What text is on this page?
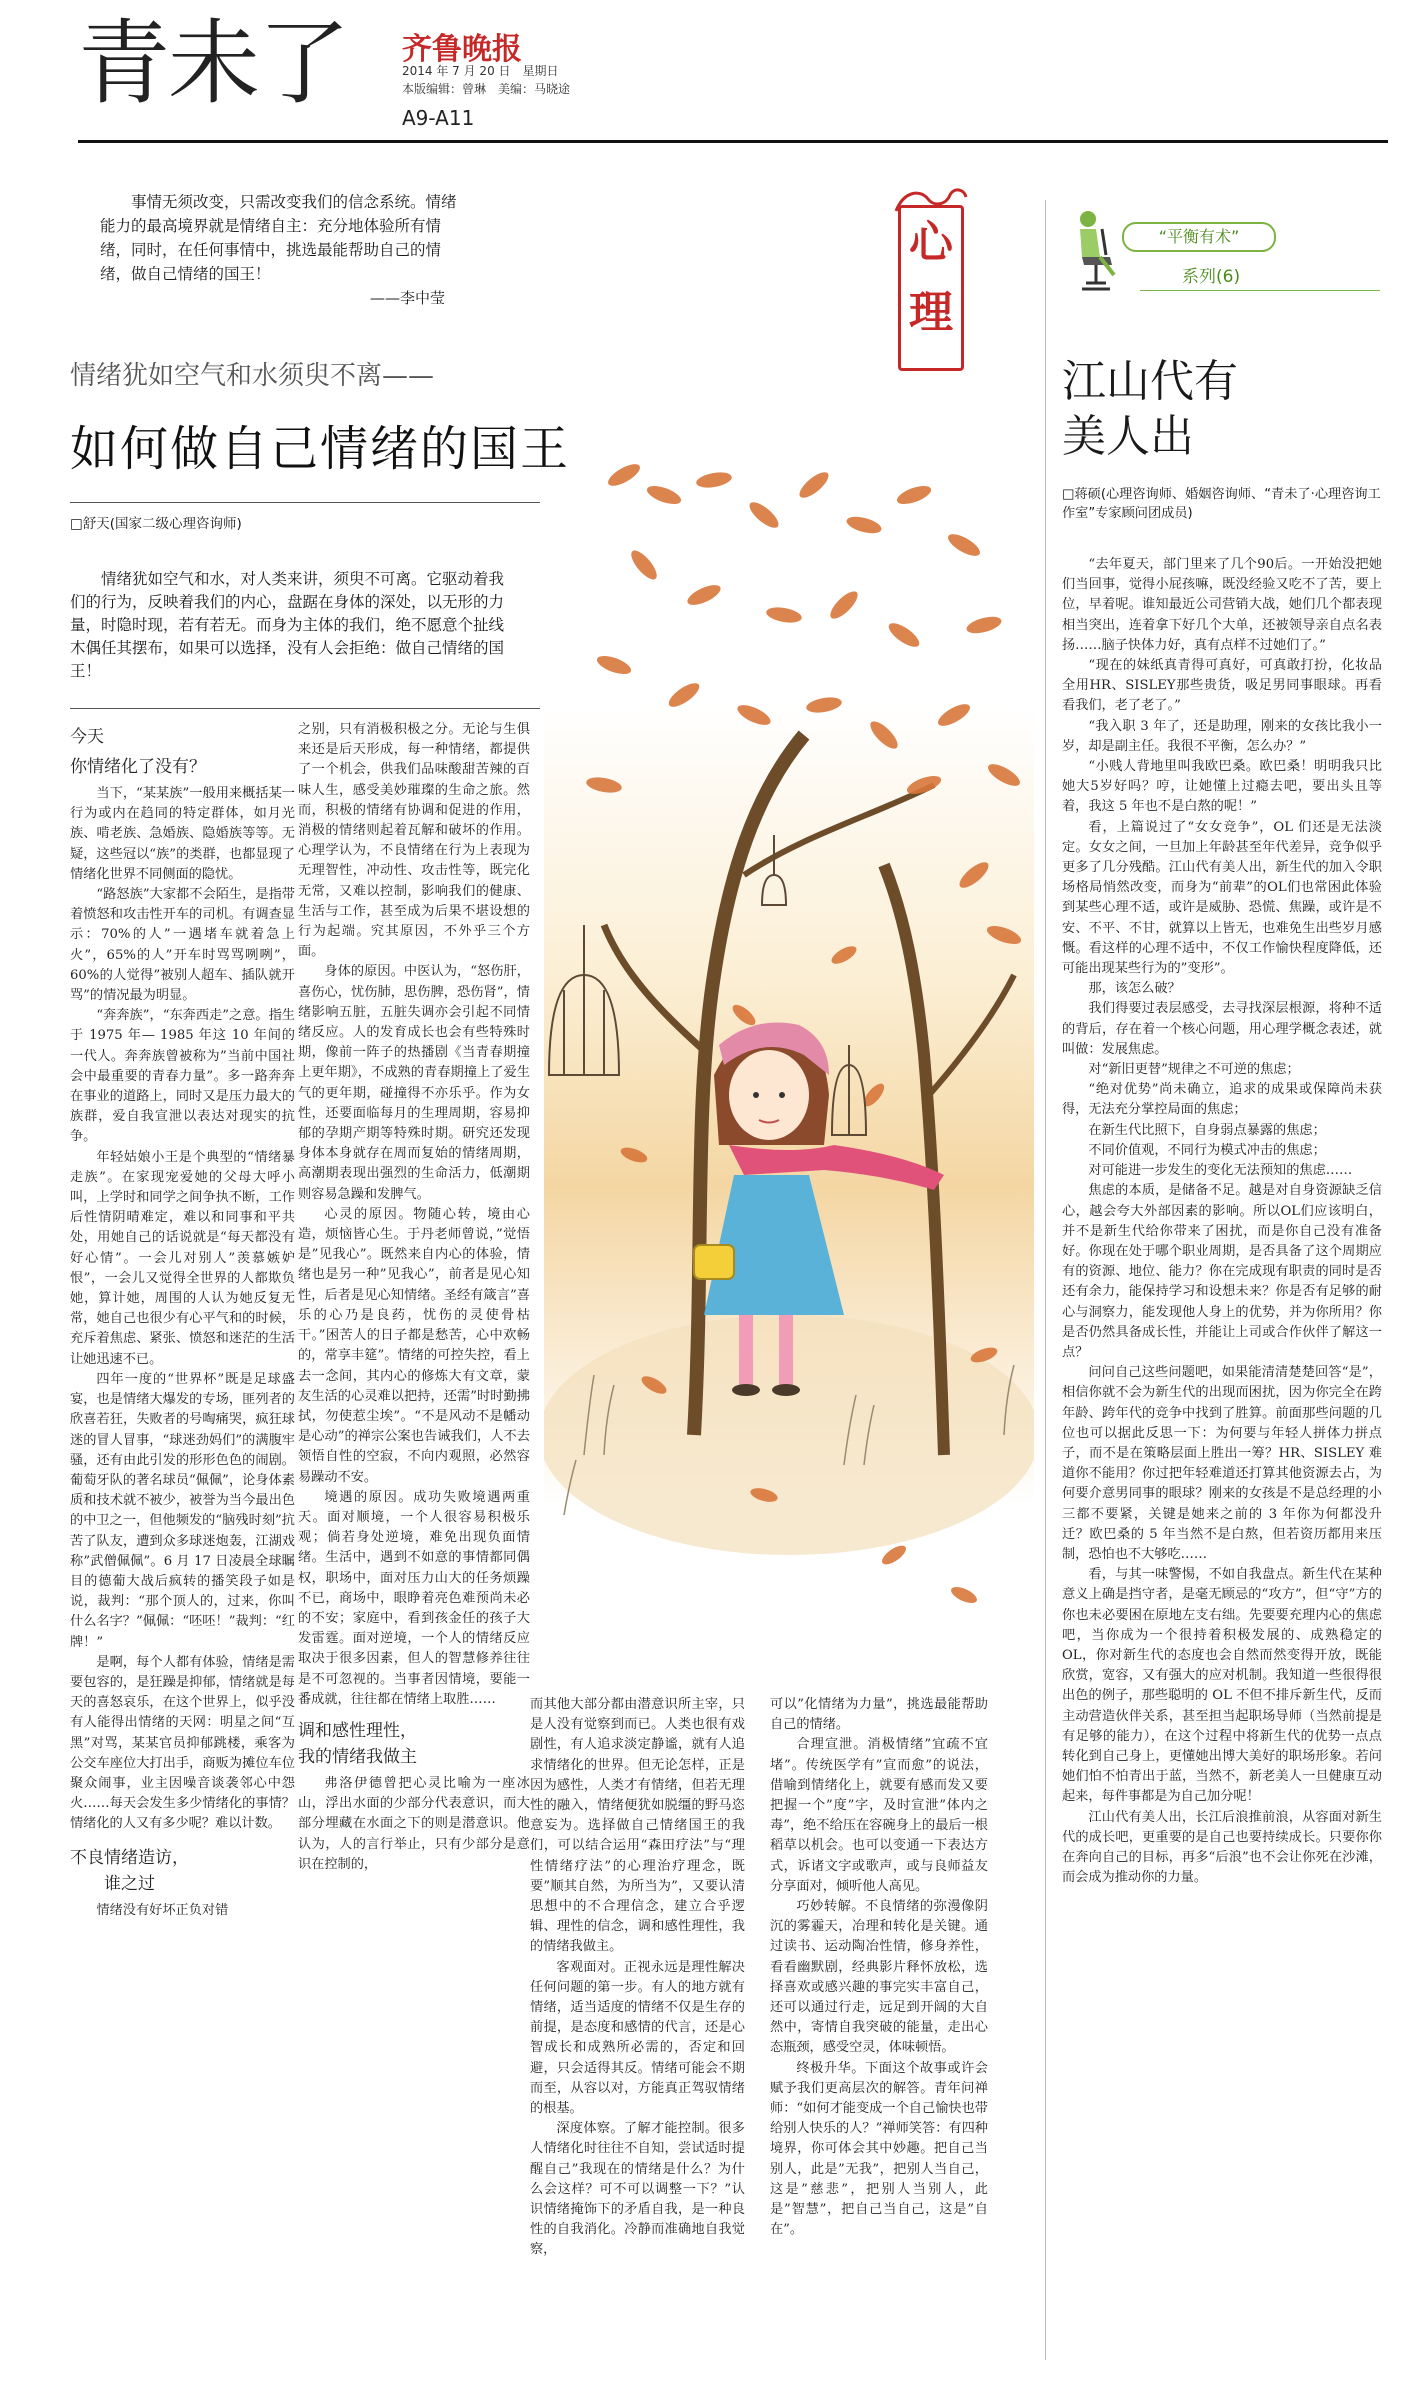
青未了 齐鲁晚报
2014 年 7 月 20 日　星期日
本版编辑：曾琳　美编：马晓途
A9-A11
事情无须改变，只需改变我们的信念系统。情绪能力的最高境界就是情绪自主：充分地体验所有情绪，同时，在任何事情中，挑选最能帮助自己的情绪，做自己情绪的国王！
——李中莹
心
理
情绪犹如空气和水须臾不离——
如何做自己情绪的国王
□舒天(国家二级心理咨询师)
情绪犹如空气和水，对人类来讲，须臾不可离。它驱动着我们的行为，反映着我们的内心，盘踞在身体的深处，以无形的力量，时隐时现，若有若无。而身为主体的我们，绝不愿意个扯线木偶任其摆布，如果可以选择，没有人会拒绝：做自己情绪的国王！
今天
你情绪化了没有？

当下，“某某族”一般用来概括某一行为或内在趋同的特定群体，如月光族、啃老族、急婚族、隐婚族等等。无疑，这些冠以“族”的类群，也都显现了情绪化世界不同侧面的隐忧。

“路怒族”大家都不会陌生，是指带着愤怒和攻击性开车的司机。有调查显示：70%的人”一遇堵车就着急上火”，65%的人”开车时骂骂咧咧”，60%的人觉得”被别人超车、插队就开骂”的情况最为明显。

“奔奔族”，“东奔西走”之意。指生于 1975 年— 1985 年这 10 年间的一代人。奔奔族曾被称为”当前中国社会中最重要的青春力量”。多一路奔奔在事业的道路上，同时又是压力最大的族群，爱自我宣泄以表达对现实的抗争。

年轻姑娘小王是个典型的“情绪暴走族”。在家现宠爱她的父母大呼小叫，上学时和同学之间争执不断，工作后性情阴晴难定，难以和同事和平共处，用她自己的话说就是“每天都没有好心情”。一会儿对别人”羡慕嫉妒恨”，一会儿又觉得全世界的人都欺负她，算计她，周围的人认为她反复无常，她自己也很少有心平气和的时候，充斥着焦虑、紧张、愤怒和迷茫的生活让她迅速不已。

四年一度的“世界杯”既是足球盛宴，也是情绪大爆发的专场，匪列者的欣喜若狂，失败者的号啕痛哭，疯狂球迷的冒人冒事，“球迷劲妈们”的满腹牢骚，还有由此引发的形形色色的闹剧。葡萄牙队的著名球员“佩佩”，论身体素质和技术就不被少，被誉为当今最出色的中卫之一，但他频发的“脑残时刻”抗苦了队友，遭到众多球迷炮轰，江湖戏称”武僧佩佩”。6 月 17 日凌晨全球瞩目的德葡大战后疯转的播笑段子如是说，裁判：“那个顶人的，过来，你叫什么名字？”佩佩：“呸呸！”裁判：“红牌！”

是啊，每个人都有体验，情绪是需要包容的，是狂躁是抑郁，情绪就是每天的喜怒哀乐，在这个世界上，似乎没有人能得出情绪的天网：明星之间“互黑”对骂，某某官员抑郁跳楼，乘客为公交车座位大打出手，商贩为摊位车位聚众闹事，业主因噪音谈袭邻心中怨火……每天会发生多少情绪化的事情？情绪化的人又有多少呢？难以计数。

不良情绪造访，
谁之过

情绪没有好坏正负对错

之别，只有消极积极之分。无论与生俱来还是后天形成，每一种情绪，都提供了一个机会，供我们品味酸甜苦辣的百味人生，感受美妙璀璨的生命之旅。然而，积极的情绪有协调和促进的作用，消极的情绪则起着瓦解和破坏的作用。心理学认为，不良情绪在行为上表现为无理智性，冲动性、攻击性等，既完化无常，又难以控制，影响我们的健康、生活与工作，甚至成为后果不堪设想的行为起端。究其原因，不外乎三个方面。

身体的原因。中医认为，“怒伤肝，喜伤心，忧伤肺，思伤脾，恐伤肾”，情绪影响五脏，五脏失调亦会引起不同情绪反应。人的发育成长也会有些特殊时期，像前一阵子的热播剧《当青春期撞上更年期》，不成熟的青春期撞上了爱生气的更年期，碰撞得不亦乐乎。作为女性，还要面临每月的生理周期，容易抑郁的孕期产期等特殊时期。研究还发现身体本身就存在周而复始的情绪周期，高潮期表现出强烈的生命活力，低潮期则容易急躁和发脾气。

心灵的原因。物随心转，境由心造，烦恼皆心生。于丹老师曾说，”觉悟是”见我心”。既然来自内心的体验，情绪也是另一种”见我心”，前者是见心知性，后者是见心知情绪。圣经有箴言”喜乐的心乃是良药，忧伤的灵使骨枯干。”困苦人的日子都是愁苦，心中欢畅的，常享丰筵”。情绪的可控失控，看上去一念间，其内心的修炼大有文章，蒙友生活的心灵难以把持，还需”时时勤拂拭，勿使惹尘埃”。“不是风动不是幡动是心动”的禅宗公案也告诫我们，人不去领悟自性的空寂，不向内观照，必然容易躁动不安。

境遇的原因。成功失败境遇两重天。面对顺境，一个人很容易积极乐观；倘若身处逆境，难免出现负面情绪。生活中，遇到不如意的事情都同偶权，职场中，面对压力山大的任务烦躁不已，商场中，眼睁着亮色难预尚未必的不安；家庭中，看到孩金任的孩子大发雷霆。面对逆境，一个人的情绪反应取决于很多因素，但人的智慧修养往往是不可忽视的。当事者因情境，要能一番成就，往往都在情绪上取胜……

调和感性理性，
我的情绪我做主

弗洛伊德曾把心灵比喻为一座冰山，浮出水面的少部分代表意识，而大部分埋藏在水面之下的则是潜意识。他认为，人的言行举止，只有少部分是意识在控制的，

而其他大部分都由潜意识所主宰，只是人没有觉察到而已。人类也很有戏剧性，有人追求淡定静谧，就有人追求情绪化的世界。但无论怎样，正是因为感性，人类才有情绪，但若无理性的融入，情绪便犹如脱缰的野马恣意妄为。选择做自己情绪国王的我们，可以结合运用“森田疗法”与“理性情绪疗法”的心理治疗理念，既要”顺其自然，为所当为”，又要认清思想中的不合理信念，建立合乎逻辑、理性的信念，调和感性理性，我的情绪我做主。

客观面对。正视永远是理性解决任何问题的第一步。有人的地方就有情绪，适当适度的情绪不仅是生存的前提，是态度和感情的代言，还是心智成长和成熟所必需的，否定和回避，只会适得其反。情绪可能会不期而至，从容以对，方能真正驾驭情绪的根基。

深度体察。了解才能控制。很多人情绪化时往往不自知，尝试适时提醒自己”我现在的情绪是什么？为什么会这样？可不可以调整一下？”认识情绪掩饰下的矛盾自我，是一种良性的自我消化。冷静而准确地自我觉察，

可以”化情绪为力量”，挑选最能帮助自己的情绪。

合理宣泄。消极情绪”宜疏不宜堵”。传统医学有”宣而愈”的说法，借喻到情绪化上，就要有感而发又要把握一个”度”字，及时宣泄”体内之毒”，绝不给压在容碗身上的最后一根稻草以机会。也可以变通一下表达方式，诉诸文字或歌声，或与良师益友分享面对，倾听他人高见。

巧妙转解。不良情绪的弥漫像阴沉的雾霾天，冶理和转化是关键。通过读书、运动陶冶性情，修身养性，看看幽默剧，经典影片释怀放松，选择喜欢或感兴趣的事完实丰富自己，还可以通过行走，远足到开阔的大自然中，寄情自我突破的能量，走出心态瓶颈，感受空灵，体味顿悟。

终极升华。下面这个故事或许会赋予我们更高层次的解答。青年问禅师：“如何才能变成一个自己愉快也带给别人快乐的人？”禅师笑答：有四种境界，你可体会其中妙趣。把自己当别人，此是”无我”，把别人当自己，这是”慈悲”，把别人当别人，此是”智慧”，把自己当自己，这是”自在”。

“平衡有术”
系列(6)
江山代有
美人出
□蒋硕(心理咨询师、婚姻咨询师、“青未了·心理咨询工作室”专家顾问团成员)

“去年夏天，部门里来了几个90后。一开始没把她们当回事，觉得小屁孩嘛，既没经验又吃不了苦，要上位，早着呢。谁知最近公司营销大战，她们几个都表现相当突出，连着拿下好几个大单，还被领导亲自点名表扬……脑子快体力好，真有点样不过她们了。”

“现在的妹纸真青得可真好，可真敢打扮，化妆品全用HR、SISLEY那些贵货，吸足男同事眼球。再看看我们，老了老了。”

“我入职 3 年了，还是助理，刚来的女孩比我小一岁，却是副主任。我很不平衡，怎么办？”

“小贱人背地里叫我欧巴桑。欧巴桑！明明我只比她大5岁好吗？哼，让她懂上过瘾去吧，要出头且等着，我这 5 年也不是白熬的呢！”

看，上篇说过了“女女竞争”，OL 们还是无法淡定。女女之间，一旦加上年龄甚至年代差异，竞争似乎更多了几分残酷。江山代有美人出，新生代的加入令职场格局悄然改变，而身为“前辈”的OL们也常困此体验到某些心理不适，或许是威胁、恐慌、焦躁，或许是不安、不平、不甘，就算以上皆无，也难免生出些岁月感慨。看这样的心理不适中，不仅工作愉快程度降低，还可能出现某些行为的”变形”。

那，该怎么破？

我们得要过表层感受，去寻找深层根源，将种不适的背后，存在着一个核心问题，用心理学概念表述，就叫做：发展焦虑。

对“新旧更替”规律之不可逆的焦虑；

“绝对优势”尚未确立，追求的成果或保障尚未获得，无法充分掌控局面的焦虑；

在新生代比照下，自身弱点暴露的焦虑；

不同价值观，不同行为模式冲击的焦虑；

对可能进一步发生的变化无法预知的焦虑……

焦虑的本质，是储备不足。越是对自身资源缺乏信心，越会夸大外部因素的影响。所以OL们应该明白，并不是新生代给你带来了困扰，而是你自己没有准备好。你现在处于哪个职业周期，是否具备了这个周期应有的资源、地位、能力？你在完成现有职责的同时是否还有余力，能保持学习和设想未来？你是否有足够的耐心与洞察力，能发现他人身上的优势，并为你所用？你是否仍然具备成长性，并能让上司或合作伙伴了解这一点？

问问自己这些问题吧，如果能清清楚楚回答“是”，相信你就不会为新生代的出现而困扰，因为你完全在跨年龄、跨年代的竞争中找到了胜算。前面那些问题的几位也可以据此反思一下：为何要与年轻人拼体力拼点子，而不是在策略层面上胜出一筹？HR、SISLEY 难道你不能用？你过把年轻难道还打算其他资源去占，为何要介意男同事的眼球？刚来的女孩是不是总经理的小三都不要紧，关键是她来之前的 3 年你为何都没升迁？欧巴桑的 5 年当然不是白熬，但若资历都用来压制，恐怕也不大够吃……

看，与其一味警惕，不如自我盘点。新生代在某种意义上确是挡守者，是毫无顾忌的“攻方”，但“守”方的你也未必要困在原地左支右绌。先要要充理内心的焦虑吧，当你成为一个很持着积极发展的、成熟稳定的 OL，你对新生代的态度也会自然而然变得开放，既能欣赏，宽容，又有强大的应对机制。我知道一些很得很出色的例子，那些聪明的 OL 不但不排斥新生代，反而主动营造伙伴关系，甚至担当起职场导师（当然前提是有足够的能力），在这个过程中将新生代的优势一点点转化到自己身上，更懂她出博大美好的职场形象。若问她们怕不怕青出于蓝，当然不，新老美人一旦健康互动起来，每件事都是为自己加分呢！

江山代有美人出，长江后浪推前浪，从容面对新生代的成长吧，更重要的是自己也要持续成长。只要你你在奔向自己的目标，再多“后浪”也不会让你死在沙滩，而会成为推动你的力量。
